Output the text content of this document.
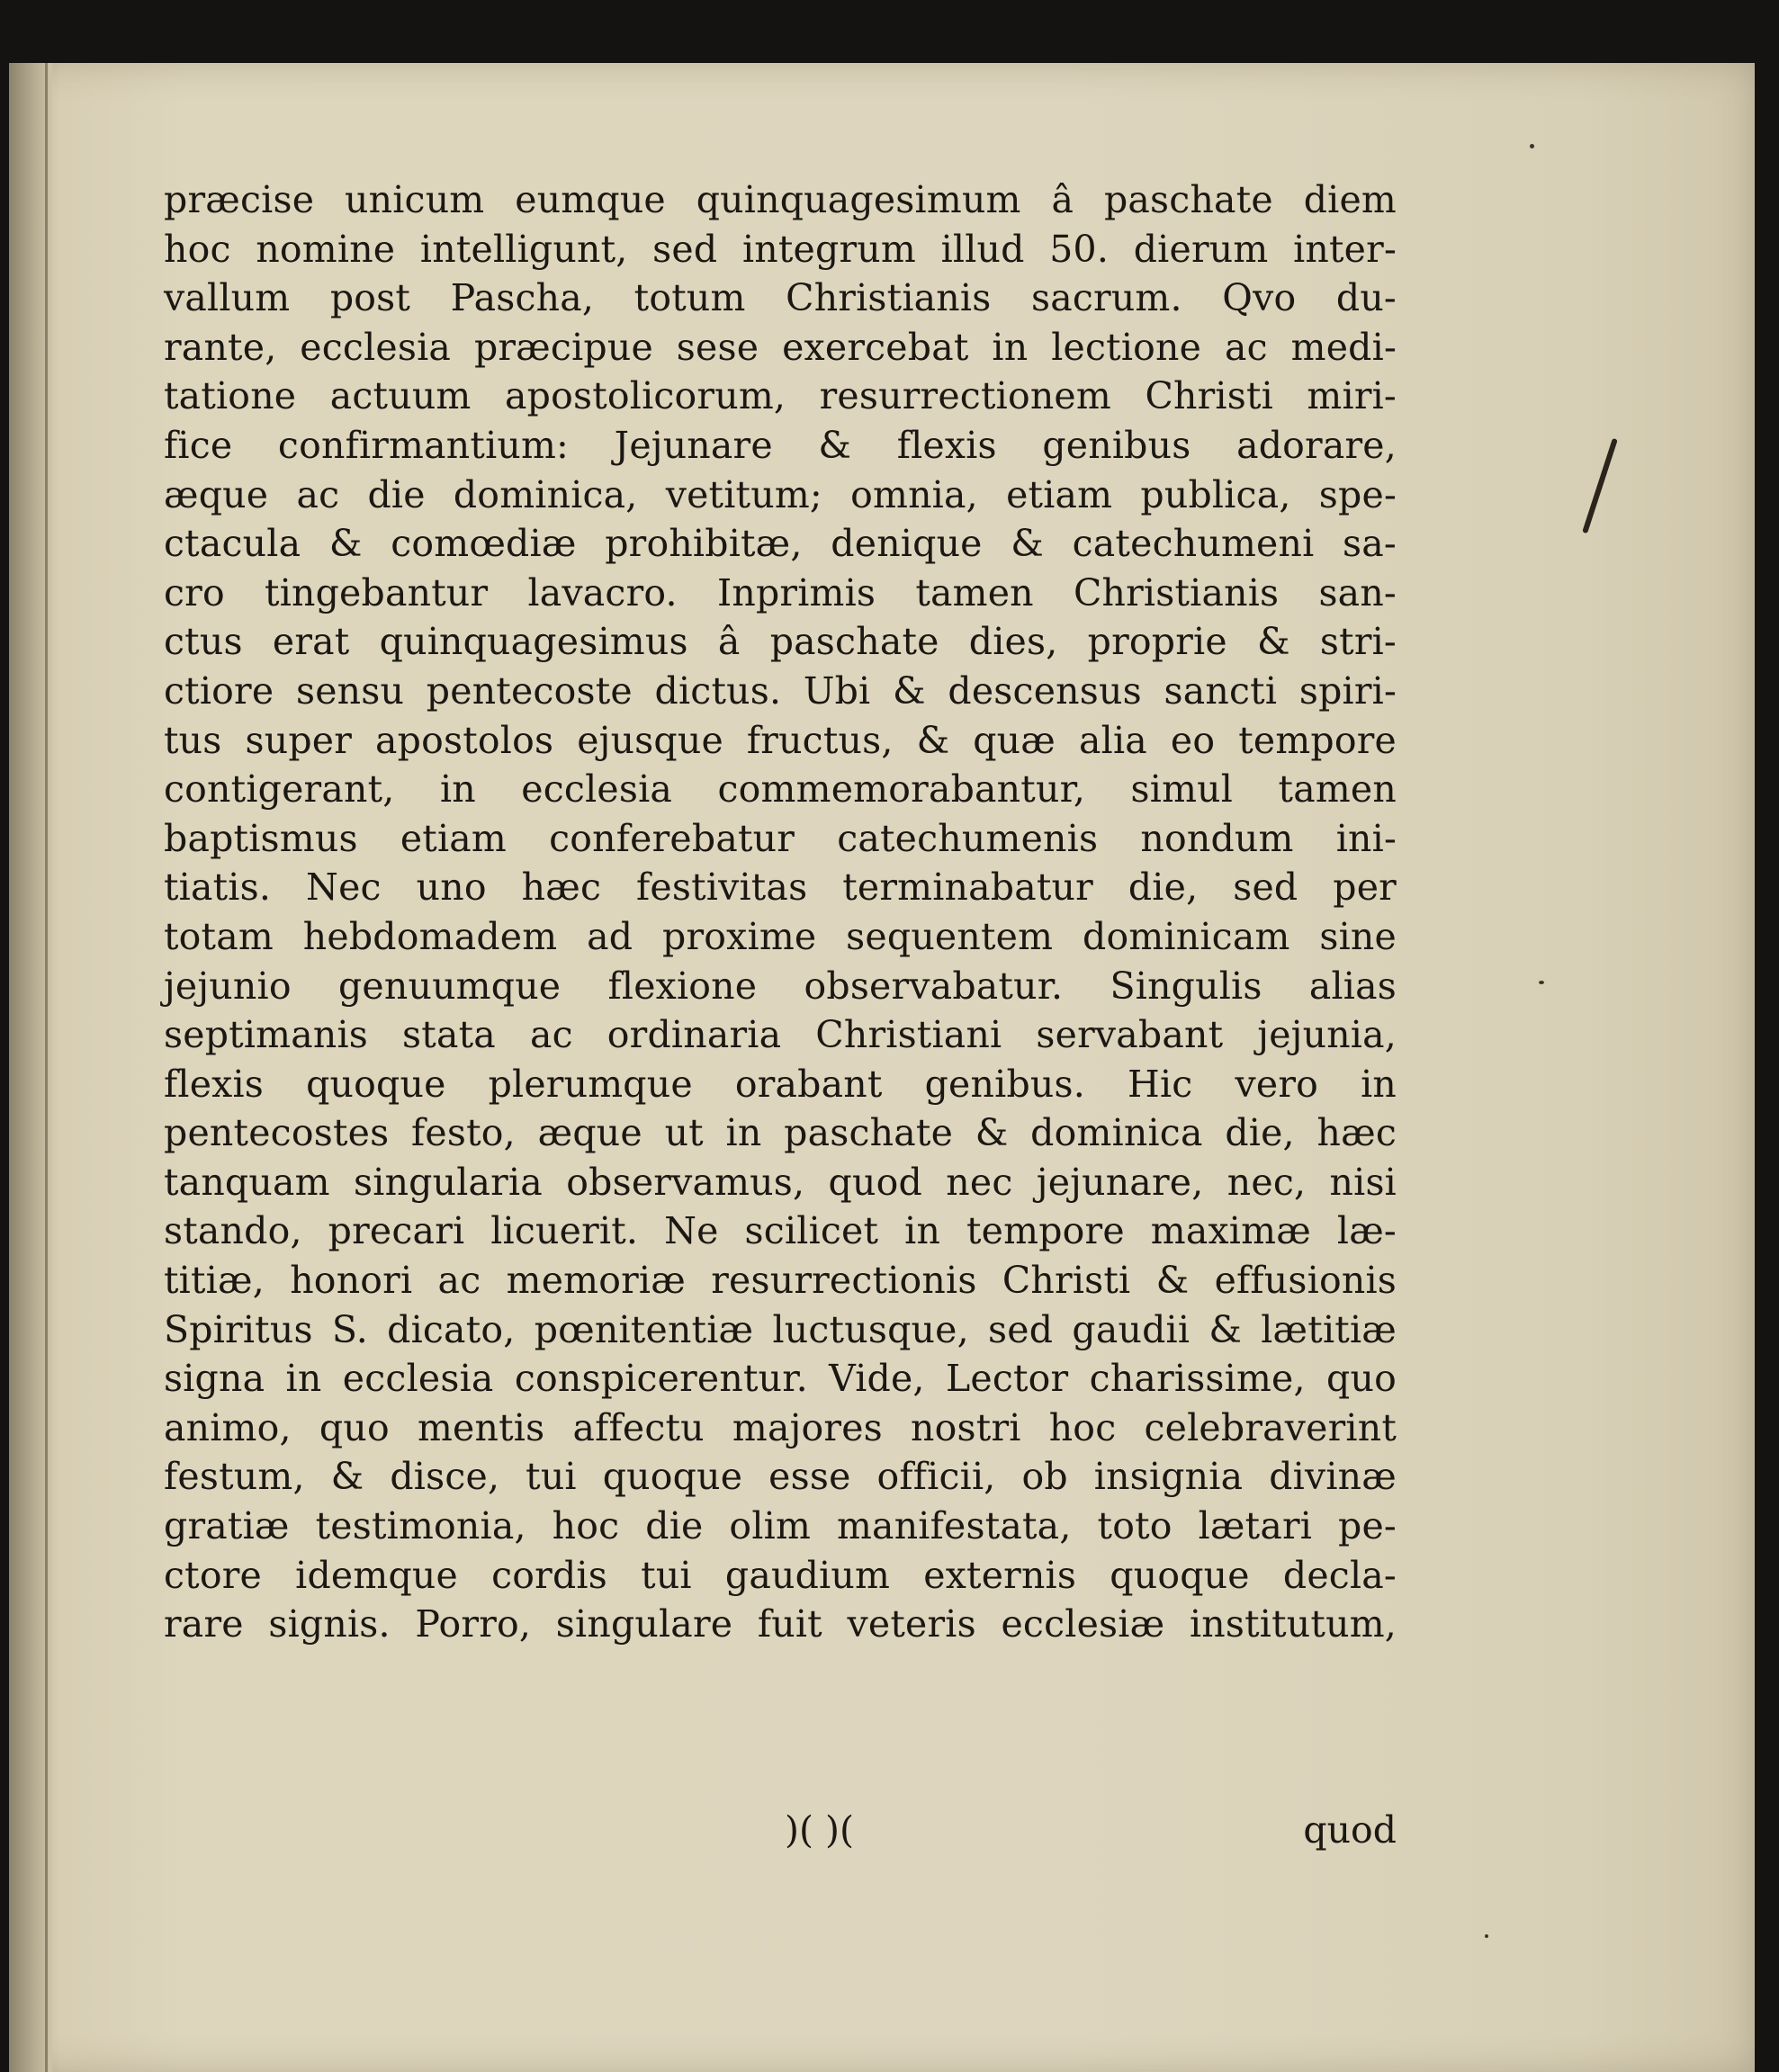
præcise unicum eumque quinquagesimum â paschate diem
hoc nomine intelligunt, sed integrum illud 50. dierum inter-
vallum post Pascha, totum Christianis sacrum. Qvo du-
rante, ecclesia præcipue sese exercebat in lectione ac medi-
tatione actuum apostolicorum, resurrectionem Christi miri-
fice confirmantium: Jejunare & flexis genibus adorare,
æque ac die dominica, vetitum; omnia, etiam publica, spe-
ctacula & comœdiæ prohibitæ, denique & catechumeni sa-
cro tingebantur lavacro. Inprimis tamen Christianis san-
ctus erat quinquagesimus â paschate dies, proprie & stri-
ctiore sensu pentecoste dictus. Ubi & descensus sancti spiri-
tus super apostolos ejusque fructus, & quæ alia eo tempore
contigerant, in ecclesia commemorabantur, simul tamen
baptismus etiam conferebatur catechumenis nondum ini-
tiatis. Nec uno hæc festivitas terminabatur die, sed per
totam hebdomadem ad proxime sequentem dominicam sine
jejunio genuumque flexione observabatur. Singulis alias
septimanis stata ac ordinaria Christiani servabant jejunia,
flexis quoque plerumque orabant genibus. Hic vero in
pentecostes festo, æque ut in paschate & dominica die, hæc
tanquam singularia observamus, quod nec jejunare, nec, nisi
stando, precari licuerit. Ne scilicet in tempore maximæ læ-
titiæ, honori ac memoriæ resurrectionis Christi & effusionis
Spiritus S. dicato, pœnitentiæ luctusque, sed gaudii & lætitiæ
signa in ecclesia conspicerentur. Vide, Lector charissime, quo
animo, quo mentis affectu majores nostri hoc celebraverint
festum, & disce, tui quoque esse officii, ob insignia divinæ
gratiæ testimonia, hoc die olim manifestata, toto lætari pe-
ctore idemque cordis tui gaudium externis quoque decla-
rare signis. Porro, singulare fuit veteris ecclesiæ institutum,
)( )(	quod
